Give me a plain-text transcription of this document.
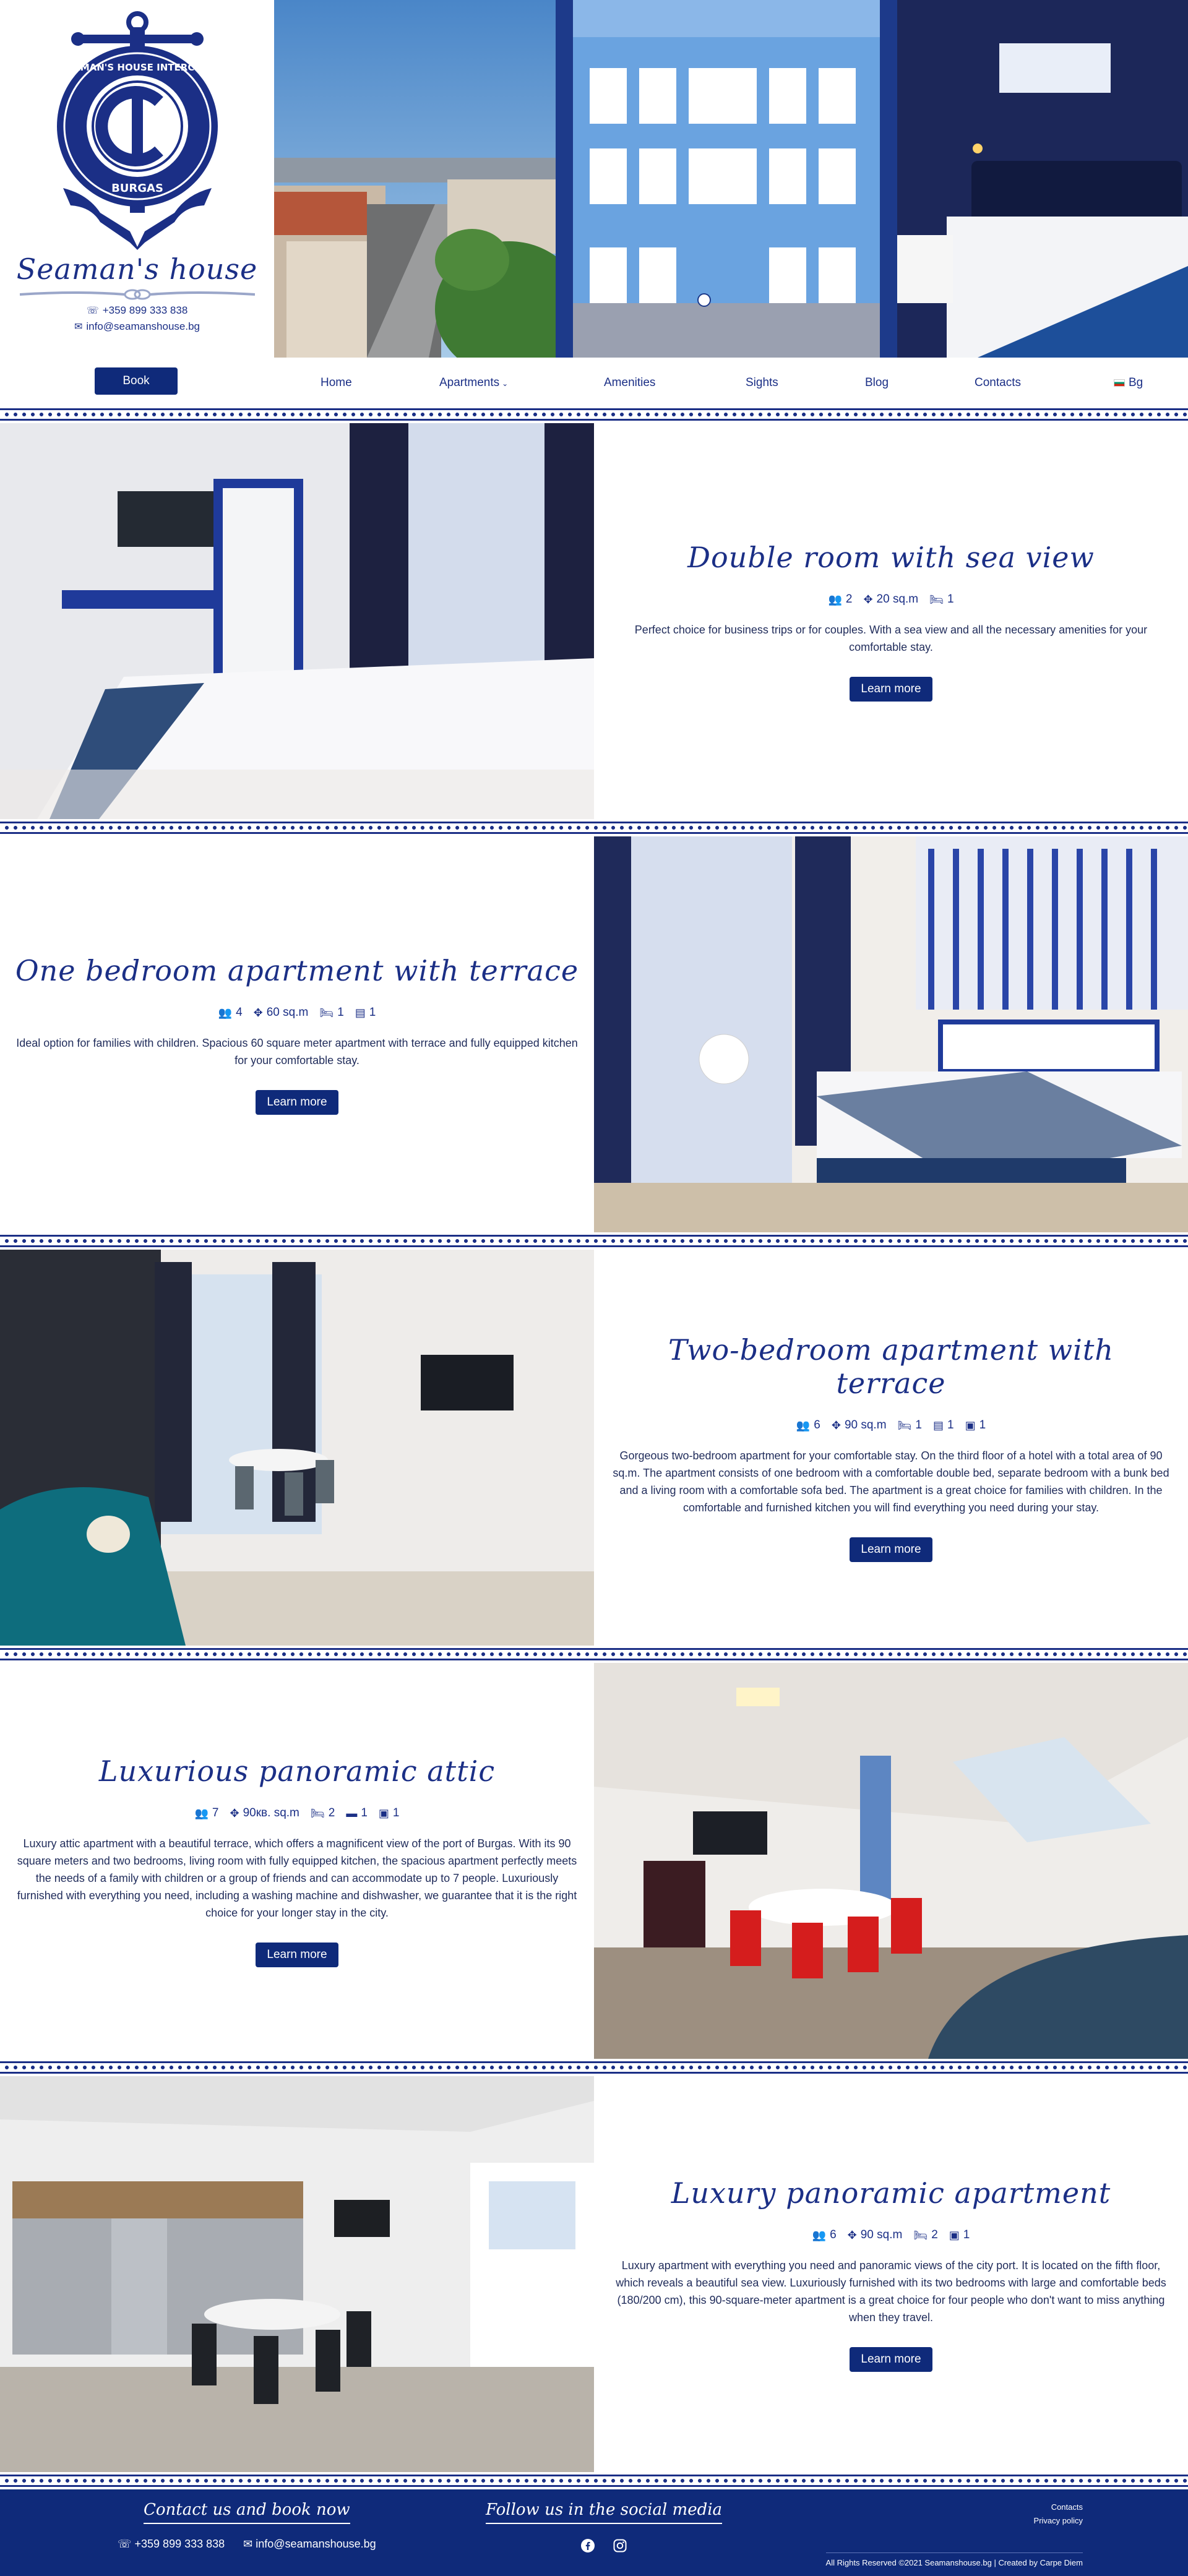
SEAMAN'S HOUSE INTERCLUB
BURGAS
Seaman's house
☏ +359 899 333 838
✉ info@seamanshouse.bg
Book	Home	Apartments ⌄	Amenities	Sights	Blog	Contacts	Bg
Double room with sea view
👥 2 ✥ 20 sq.m 🛏 1

Perfect choice for business trips or for couples. With a sea view and all the necessary amenities for your comfortable stay.

Learn more
One bedroom apartment with terrace
👥 4 ✥ 60 sq.m 🛏 1 ▤ 1

Ideal option for families with children. Spacious 60 square meter apartment with terrace and fully equipped kitchen for your comfortable stay.

Learn more
Two-bedroom apartment with terrace
👥 6 ✥ 90 sq.m 🛏 1 ▤ 1 ▣ 1

Gorgeous two-bedroom apartment for your comfortable stay. On the third floor of a hotel with a total area of 90 sq.m. The apartment consists of one bedroom with a comfortable double bed, separate bedroom with a bunk bed and a living room with a comfortable sofa bed. The apartment is a great choice for families with children. In the comfortable and furnished kitchen you will find everything you need during your stay.

Learn more
Luxurious panoramic attic
👥 7 ✥ 90кв. sq.m 🛏 2 ▬ 1 ▣ 1

Luxury attic apartment with a beautiful terrace, which offers a magnificent view of the port of Burgas. With its 90 square meters and two bedrooms, living room with fully equipped kitchen, the spacious apartment perfectly meets the needs of a family with children or a group of friends and can accommodate up to 7 people. Luxuriously furnished with everything you need, including a washing machine and dishwasher, we guarantee that it is the right choice for your longer stay in the city.

Learn more
Luxury panoramic apartment
👥 6 ✥ 90 sq.m 🛏 2 ▣ 1

Luxury apartment with everything you need and panoramic views of the city port. It is located on the fifth floor, which reveals a beautiful sea view. Luxuriously furnished with its two bedrooms with large and comfortable beds (180/200 cm), this 90-square-meter apartment is a great choice for four people who don't want to miss anything when they travel.

Learn more
Contact us and book now
☏ +359 899 333 838 ✉ info@seamanshouse.bg
Follow us in the social media	Contacts
Privacy policy
All Rights Reserved ©2021 Seamanshouse.bg | Created by Carpe Diem
